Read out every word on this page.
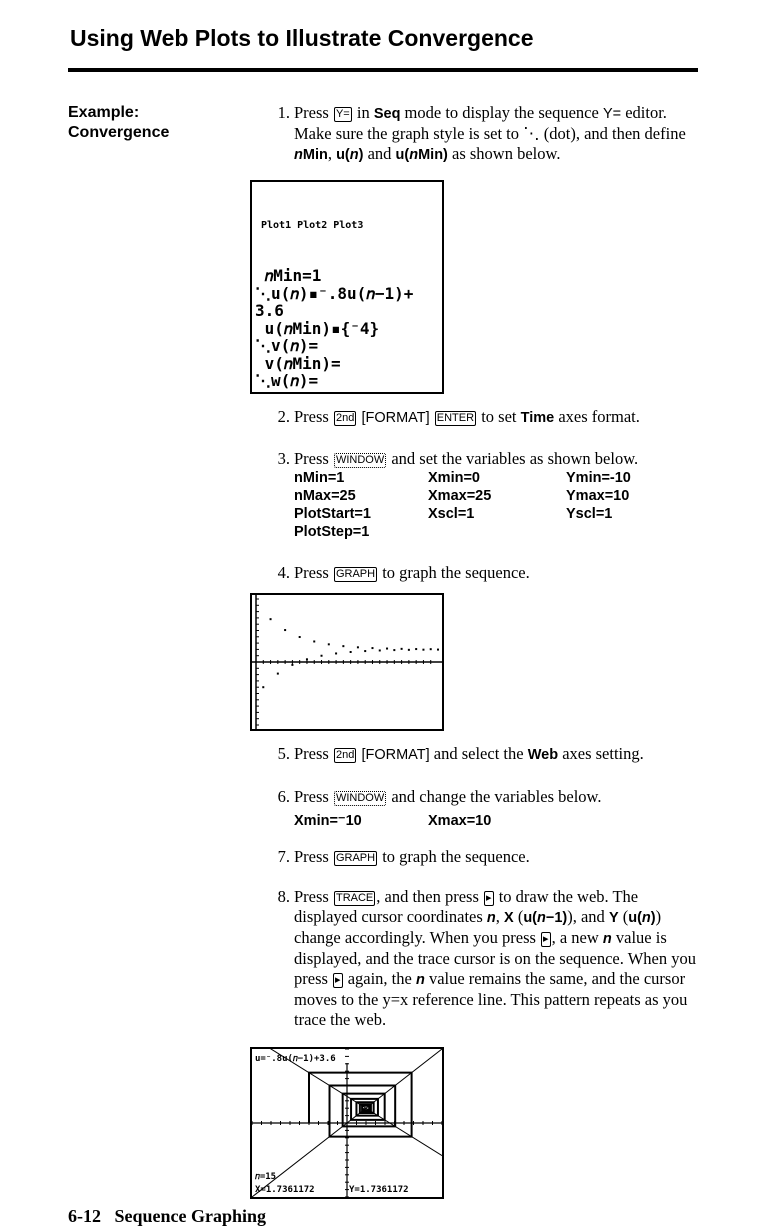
Using Web Plots to Illustrate Convergence
Example:
Convergence
1. Press Y= in Seq mode to display the sequence Y= editor. Make sure the graph style is set to ⋱ (dot), and then define nMin, u(n) and u(nMin) as shown below.

Plot1 Plot2 Plot3

𝑛Min=1
⋱u(𝑛)▪⁻.8u(𝑛−1)+
3.6
u(𝑛Min)▪{⁻4}
⋱v(𝑛)=
v(𝑛Min)=
⋱w(𝑛)=
2. Press 2nd [FORMAT] ENTER to set Time axes format.
3. Press WINDOW and set the variables as shown below.
nMin=1	Xmin=0	Ymin=-10
nMax=25	Xmax=25	Ymax=10
PlotStart=1	Xscl=1	Yscl=1
PlotStep=1
4. Press GRAPH to graph the sequence.
5. Press 2nd [FORMAT] and select the Web axes setting.
6. Press WINDOW and change the variables below.
Xmin=⁻10	Xmax=10
7. Press GRAPH to graph the sequence.
8. Press TRACE , and then press ▸ to draw the web. The displayed cursor coordinates n, X (u(n−1)), and Y (u(n)) change accordingly. When you press ▸ , a new n value is displayed, and the trace cursor is on the sequence. When you press ▸ again, the n value remains the same, and the cursor moves to the y=x reference line. This pattern repeats as you trace the web.
u=⁻.8u(𝑛−1)+3.6
𝑛=15
X=1.7361172	Y=1.7361172
6-12   Sequence Graphing
